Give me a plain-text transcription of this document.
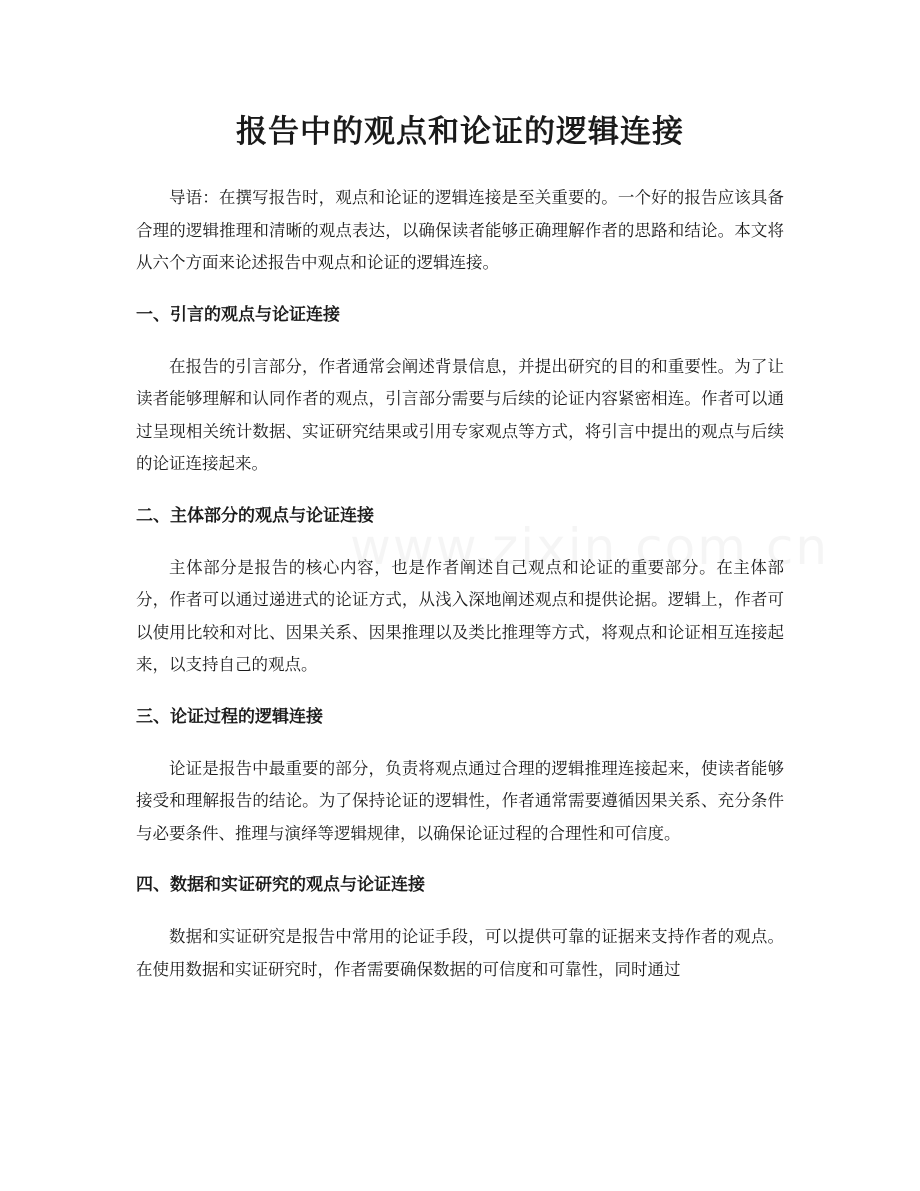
报告中的观点和论证的逻辑连接

导语：在撰写报告时，观点和论证的逻辑连接是至关重要的。一个好的报告应该具备合理的逻辑推理和清晰的观点表达，以确保读者能够正确理解作者的思路和结论。本文将从六个方面来论述报告中观点和论证的逻辑连接。

一、引言的观点与论证连接

在报告的引言部分，作者通常会阐述背景信息，并提出研究的目的和重要性。为了让读者能够理解和认同作者的观点，引言部分需要与后续的论证内容紧密相连。作者可以通过呈现相关统计数据、实证研究结果或引用专家观点等方式，将引言中提出的观点与后续的论证连接起来。

二、主体部分的观点与论证连接

主体部分是报告的核心内容，也是作者阐述自己观点和论证的重要部分。在主体部分，作者可以通过递进式的论证方式，从浅入深地阐述观点和提供论据。逻辑上，作者可以使用比较和对比、因果关系、因果推理以及类比推理等方式，将观点和论证相互连接起来，以支持自己的观点。

三、论证过程的逻辑连接

论证是报告中最重要的部分，负责将观点通过合理的逻辑推理连接起来，使读者能够接受和理解报告的结论。为了保持论证的逻辑性，作者通常需要遵循因果关系、充分条件与必要条件、推理与演绎等逻辑规律，以确保论证过程的合理性和可信度。

四、数据和实证研究的观点与论证连接

数据和实证研究是报告中常用的论证手段，可以提供可靠的证据来支持作者的观点。在使用数据和实证研究时，作者需要确保数据的可信度和可靠性，同时通过
